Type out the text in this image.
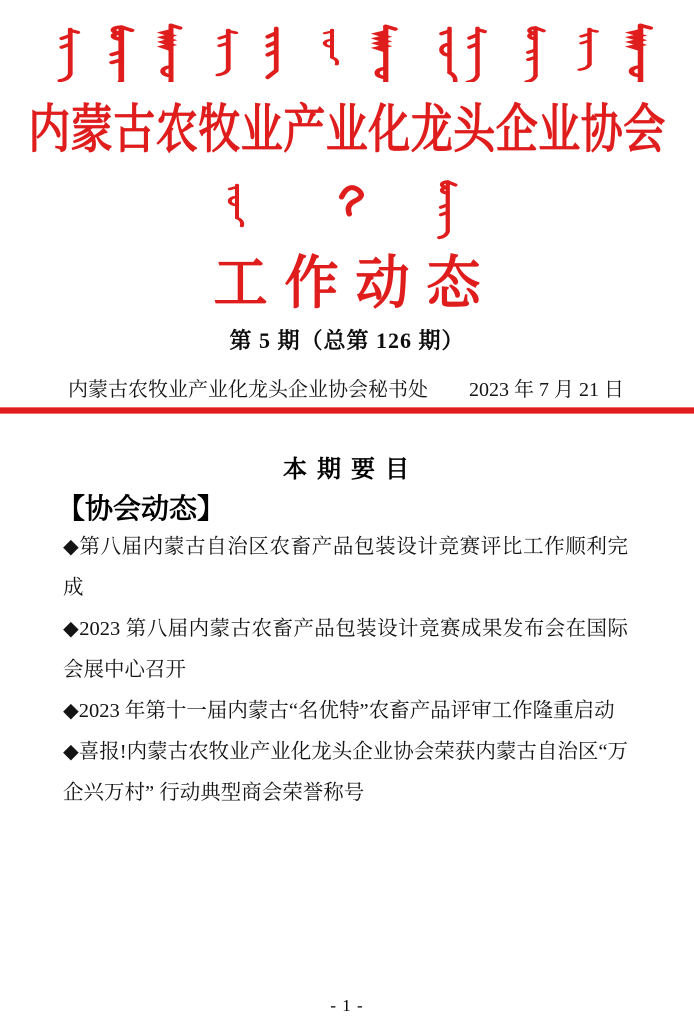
内蒙古农牧业产业化龙头企业协会
工作动态
第 5 期（总第 126 期）
内蒙古农牧业产业化龙头企业协会秘书处 2023 年 7 月 21 日
本 期 要 目
【协会动态】

◆第八届内蒙古自治区农畜产品包装设计竞赛评比工作顺利完成

◆2023 第八届内蒙古农畜产品包装设计竞赛成果发布会在国际会展中心召开

◆2023 年第十一届内蒙古“名优特”农畜产品评审工作隆重启动

◆喜报!内蒙古农牧业产业化龙头企业协会荣获内蒙古自治区“万企兴万村” 行动典型商会荣誉称号

- 1 -
